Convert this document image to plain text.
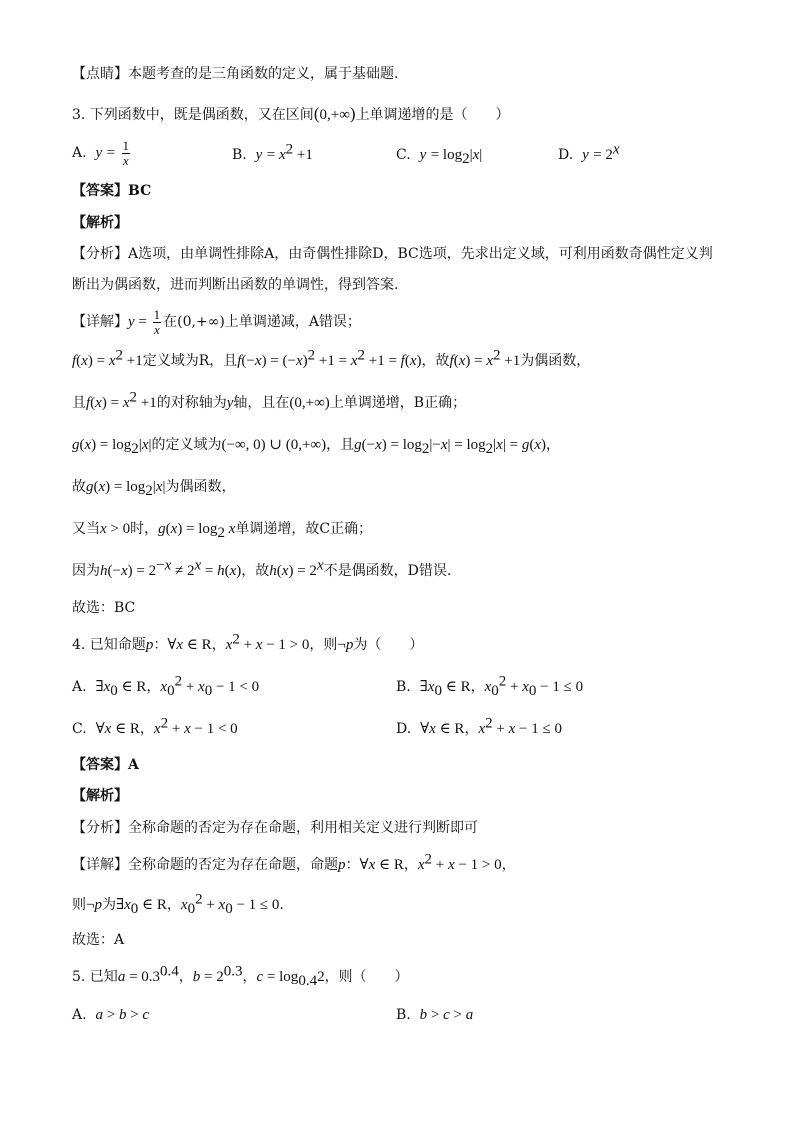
【点睛】本题考查的是三角函数的定义，属于基础题.
3. 下列函数中，既是偶函数，又在区间(0,+∞)上单调递增的是（　　）
A. $y = \frac{1}{x}$	B. $y = x^2 +1$	C. $y = \log_2|x|$	D. $y = 2^x$
【答案】BC
【解析】
【分析】A选项，由单调性排除A，由奇偶性排除D，BC选项，先求出定义域，可利用函数奇偶性定义判
断出为偶函数，进而判断出函数的单调性，得到答案.
【详解】$y = \frac{1}{x}$ 在(0,+∞)上单调递减，A错误；
$f(x) = x^2 +1$定义域为R，且$f(-x) = (-x)^2 +1 = x^2 +1 = f(x)$，故$f(x) = x^2 +1$为偶函数，
且$f(x) = x^2 +1$的对称轴为y轴，且在(0,+∞)上单调递增，B正确；
$g(x) = \log_2|x|$的定义域为(−∞, 0) ∪ (0,+∞)，且$g(-x) = \log_2|-x| = \log_2|x| = g(x)$，
故$g(x) = \log_2|x|$为偶函数，
又当x > 0时，$g(x) = \log_2 x$单调递增，故C正确；
因为$h(-x) = 2^{-x} \ne 2^x = h(x)$，故$h(x) = 2^x$不是偶函数，D错误.
故选：BC
4. 已知命题p：∀x ∈ R，$x^2 + x - 1 > 0$，则¬p为（　　）
A. $\exists x_0$ ∈ R，$x_0^2 + x_0 - 1 < 0$	B. $\exists x_0$ ∈ R，$x_0^2 + x_0 - 1 \le 0$
C. ∀x ∈ R，$x^2 + x - 1 < 0$	D. ∀x ∈ R，$x^2 + x - 1 \le 0$
【答案】A
【解析】
【分析】全称命题的否定为存在命题，利用相关定义进行判断即可
【详解】全称命题的否定为存在命题，命题p：∀x ∈ R，$x^2 + x - 1 > 0$，
则¬p为$\exists x_0$ ∈ R，$x_0^2 + x_0 - 1 \le 0$.
故选：A
5. 已知$a = 0.3^{0.4}$，$b = 2^{0.3}$，$c = \log_{0.4}2$，则（　　）
A. a > b > c	B. b > c > a
